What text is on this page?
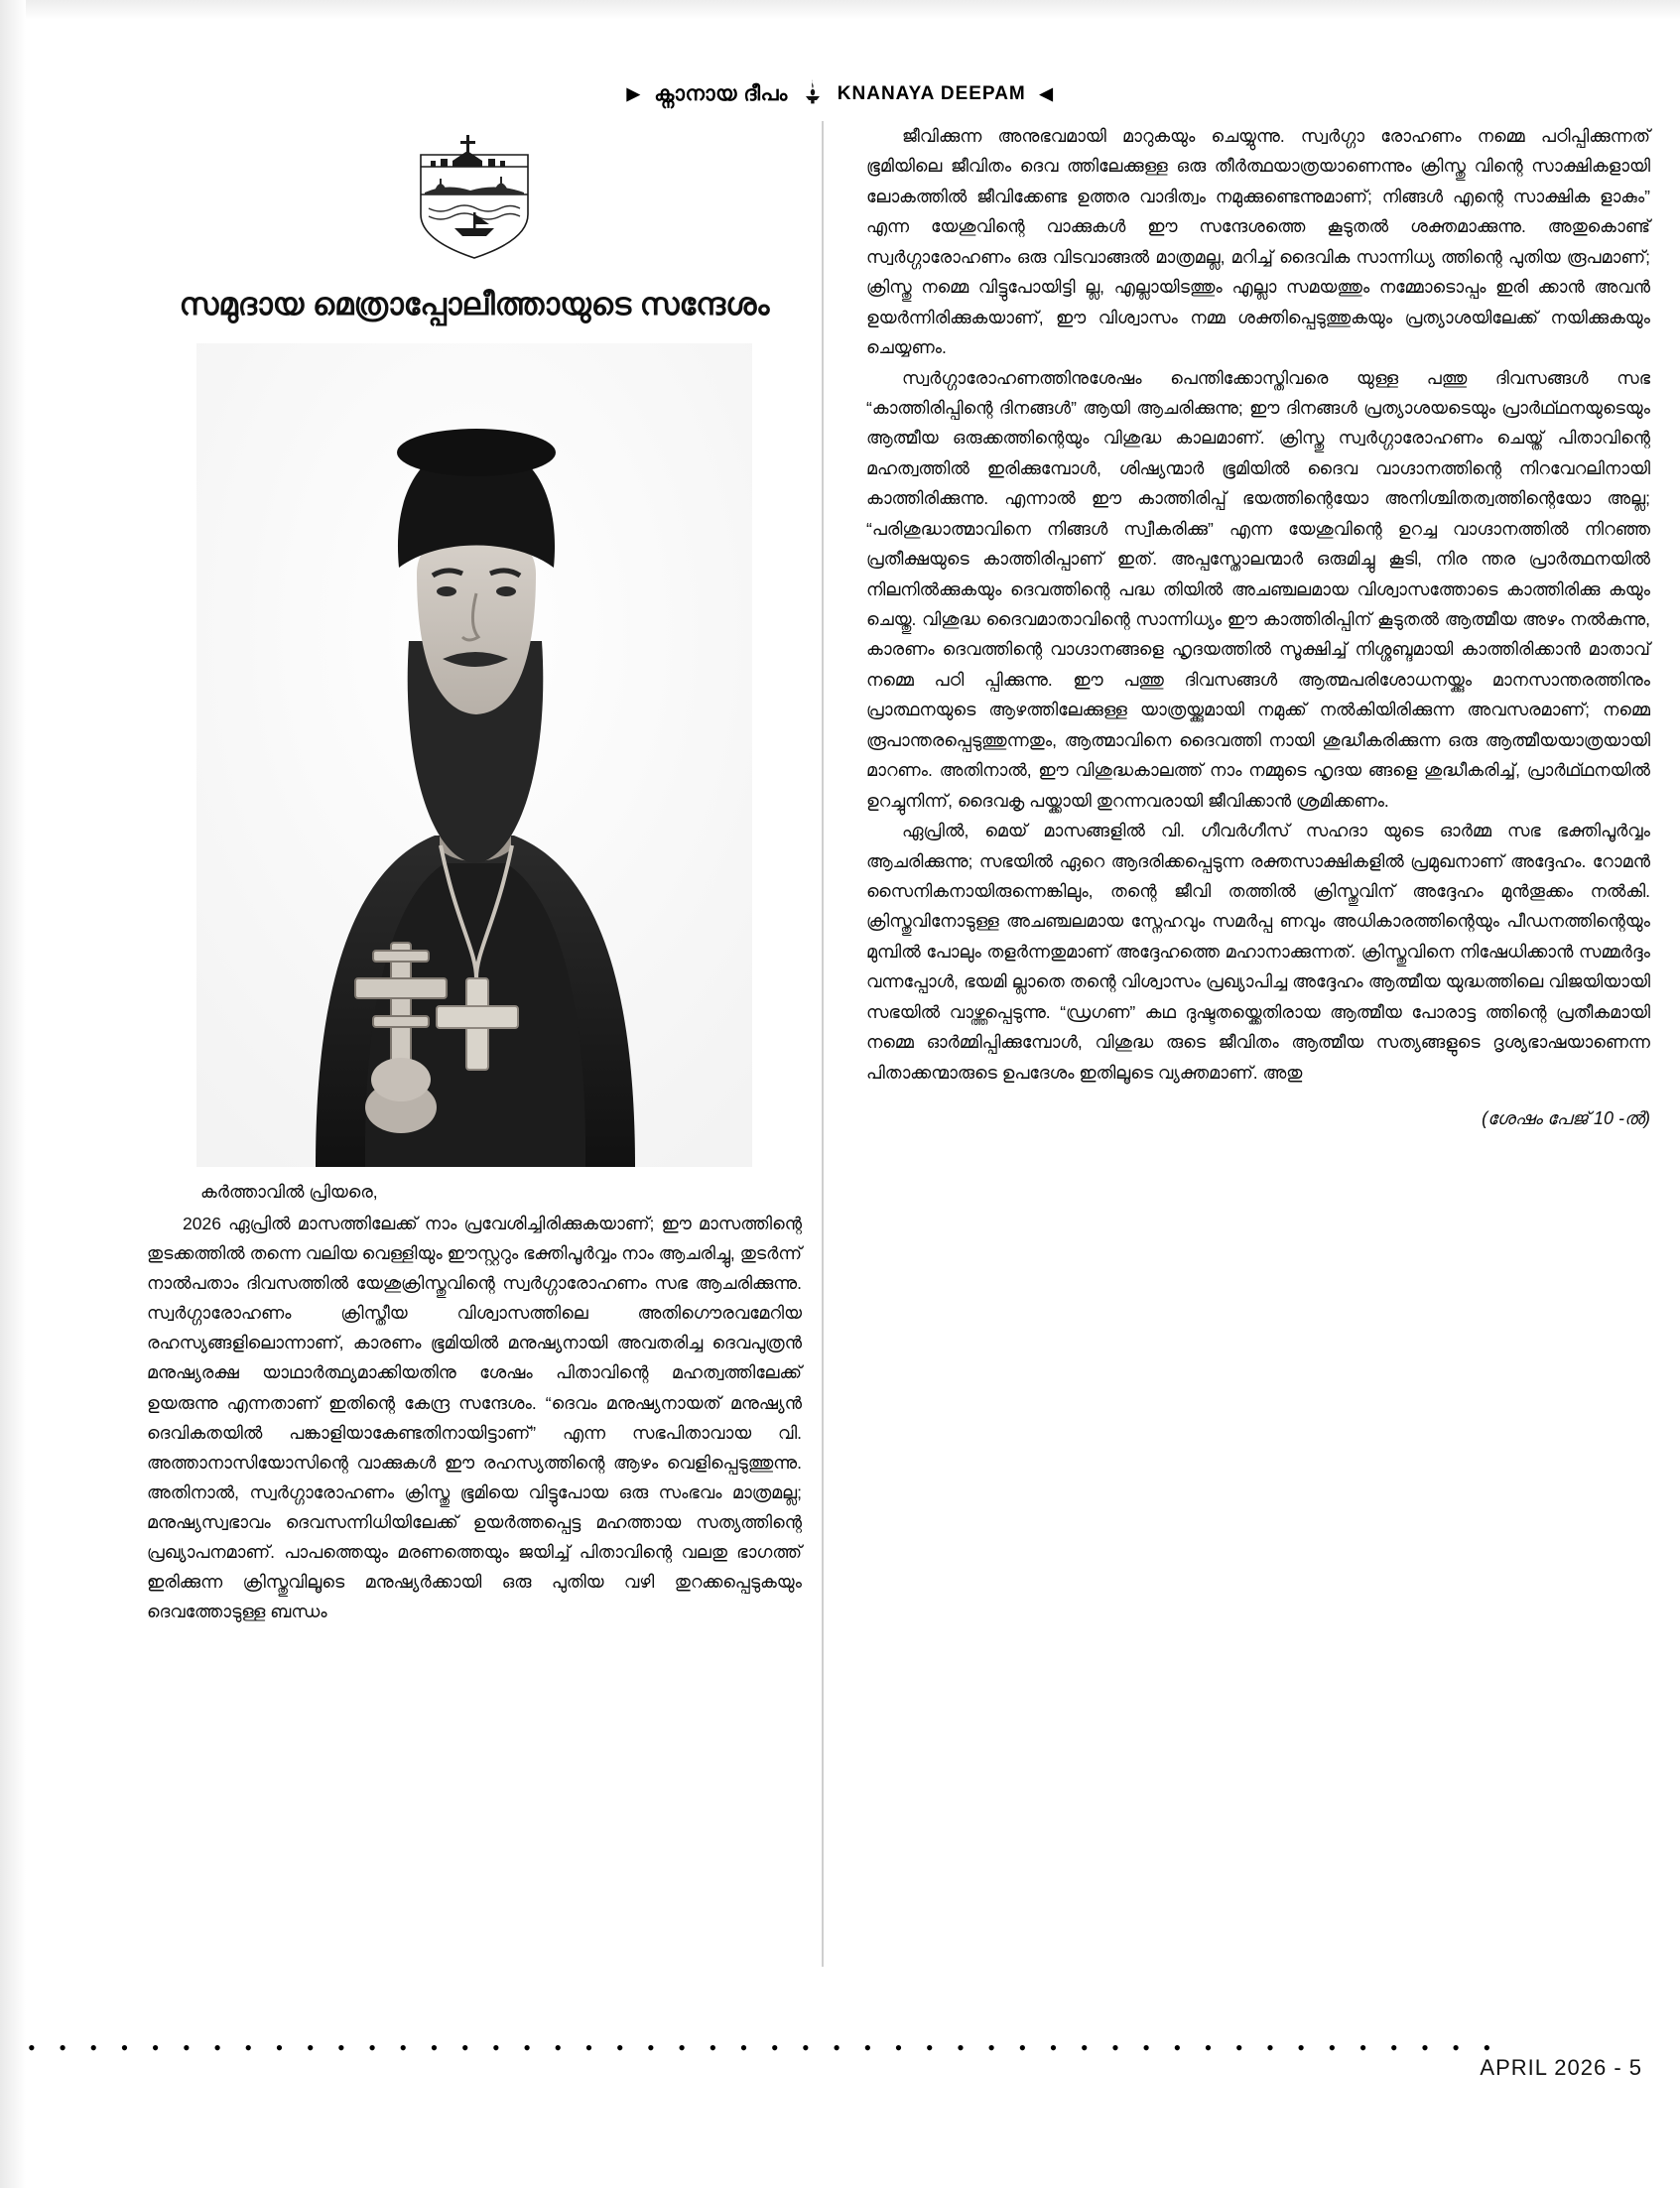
▶ ക്നാനായ ദീപം	KNANAYA DEEPAM ◀
സമുദായ മെത്രാപ്പോലീത്തായുടെ സന്ദേശം

കർത്താവിൽ പ്രിയരെ,

2026 ഏപ്രിൽ മാസത്തിലേക്ക് നാം പ്രവേശിച്ചിരിക്കുകയാണ്; ഈ മാസത്തിന്റെ തുടക്കത്തിൽ തന്നെ വലിയ വെള്ളിയും ഈസ്റ്ററും ഭക്തിപൂർവ്വം നാം ആചരിച്ചു, തുടർന്ന് നാൽപതാം ദിവസത്തിൽ യേശുക്രിസ്തുവിന്റെ സ്വർഗ്ഗാരോഹണം സഭ ആചരിക്കുന്നു. സ്വർഗ്ഗാരോഹണം ക്രിസ്തീയ വിശ്വാസത്തിലെ അതിഗൌരവമേറിയ രഹസ്യങ്ങളിലൊന്നാണ്, കാരണം ഭൂമിയിൽ മനുഷ്യനായി അവതരിച്ച ദെവപുത്രൻ മനുഷ്യരക്ഷ യാഥാർത്ഥ്യമാക്കിയതിനു ശേഷം പിതാവിന്റെ മഹത്വത്തിലേക്ക് ഉയരുന്നു എന്നതാണ് ഇതിന്റെ കേന്ദ്ര സന്ദേശം. “ദെവം മനുഷ്യനായത് മനുഷ്യൻ ദെവികതയിൽ പങ്കാളിയാകേണ്ടതിനായിട്ടാണ്” എന്ന സഭപിതാവായ വി. അത്താനാസിയോസിന്റെ വാക്കുകൾ ഈ രഹസ്യത്തിന്റെ ആഴം വെളിപ്പെടുത്തുന്നു. അതിനാൽ, സ്വർഗ്ഗാരോഹണം ക്രിസ്തു ഭൂമിയെ വിട്ടുപോയ ഒരു സംഭവം മാത്രമല്ല; മനുഷ്യസ്വഭാവം ദെവസന്നിധിയിലേക്ക് ഉയർത്തപ്പെട്ട മഹത്തായ സത്യത്തിന്റെ പ്രഖ്യാപനമാണ്. പാപത്തെയും മരണത്തെയും ജയിച്ച് പിതാവിന്റെ വലതു ഭാഗത്ത് ഇരിക്കുന്ന ക്രിസ്തുവിലൂടെ മനുഷ്യർക്കായി ഒരു പുതിയ വഴി തുറക്കപ്പെടുകയും ദെവത്തോടുള്ള ബന്ധം

ജീവിക്കുന്ന അനുഭവമായി മാറുകയും ചെയ്യുന്നു. സ്വർഗ്ഗാ രോഹണം നമ്മെ പഠിപ്പിക്കുന്നത് ഭൂമിയിലെ ജീവിതം ദെവ ത്തിലേക്കുള്ള ഒരു തീർത്ഥയാത്രയാണെന്നും ക്രിസ്തു വിന്റെ സാക്ഷികളായി ലോകത്തിൽ ജീവിക്കേണ്ട ഉത്തര വാദിത്വം നമുക്കുണ്ടെന്നുമാണ്; നിങ്ങൾ എന്റെ സാക്ഷിക ളാകും” എന്ന യേശുവിന്റെ വാക്കുകൾ ഈ സന്ദേശത്തെ കൂടുതൽ ശക്തമാക്കുന്നു. അതുകൊണ്ട് സ്വർഗ്ഗാരോഹണം ഒരു വിടവാങ്ങൽ മാത്രമല്ല, മറിച്ച് ദൈവിക സാന്നിധ്യ ത്തിന്റെ പുതിയ രൂപമാണ്; ക്രിസ്തു നമ്മെ വിട്ടുപോയിട്ടി ല്ല, എല്ലായിടത്തും എല്ലാ സമയത്തും നമ്മോടൊപ്പം ഇരി ക്കാൻ അവൻ ഉയർന്നിരിക്കുകയാണ്, ഈ വിശ്വാസം നമ്മ ശക്തിപ്പെടുത്തുകയും പ്രത്യാശയിലേക്ക് നയിക്കുകയും ചെയ്യണം.

സ്വർഗ്ഗാരോഹണത്തിനുശേഷം പെന്തിക്കോസ്തിവരെ യുള്ള പത്തു ദിവസങ്ങൾ സഭ “കാത്തിരിപ്പിന്റെ ദിനങ്ങൾ” ആയി ആചരിക്കുന്നു; ഈ ദിനങ്ങൾ പ്രത്യാശയടെയും പ്രാർഥ്ഥനയുടെയും ആത്മീയ ഒരുക്കത്തിന്റെയും വിശുദ്ധ കാലമാണ്. ക്രിസ്തു സ്വർഗ്ഗാരോഹണം ചെയ്ത് പിതാവിന്റെ മഹത്വത്തിൽ ഇരിക്കുമ്പോൾ, ശിഷ്യന്മാർ ഭൂമിയിൽ ദൈവ വാഗ്ദാനത്തിന്റെ നിറവേറലിനായി കാത്തിരിക്കുന്നു. എന്നാൽ ഈ കാത്തിരിപ്പ് ഭയത്തിന്റെയോ അനിശ്ചിതത്വത്തിന്റെയോ അല്ല; “പരിശുദ്ധാത്മാവിനെ നിങ്ങൾ സ്വീകരിക്കു” എന്ന യേശുവിന്റെ ഉറച്ച വാഗ്ദാനത്തിൽ നിറഞ്ഞ പ്രതീക്ഷയുടെ കാത്തിരിപ്പാണ് ഇത്. അപ്പസ്തോലന്മാർ ഒരുമിച്ചു കൂടി, നിര ന്തര പ്രാർത്ഥനയിൽ നിലനിൽക്കുകയും ദെവത്തിന്റെ പദ്ധ തിയിൽ അചഞ്ചലമായ വിശ്വാസത്തോടെ കാത്തിരിക്കു കയും ചെയ്തു. വിശുദ്ധ ദൈവമാതാവിന്റെ സാന്നിധ്യം ഈ കാത്തിരിപ്പിന് കൂടുതൽ ആത്മീയ അഴം നൽകുന്നു, കാരണം ദെവത്തിന്റെ വാഗ്ദാനങ്ങളെ ഹൃദയത്തിൽ സൂക്ഷിച്ച് നിശ്ശബ്ദമായി കാത്തിരിക്കാൻ മാതാവ് നമ്മെ പഠി പ്പിക്കുന്നു. ഈ പത്തു ദിവസങ്ങൾ ആത്മപരിശോധനയ്ക്കും മാനസാന്തരത്തിനും പ്രാത്ഥനയുടെ ആഴത്തിലേക്കുള്ള യാത്രയ്ക്കുമായി നമുക്ക് നൽകിയിരിക്കുന്ന അവസരമാണ്; നമ്മെ രൂപാന്തരപ്പെടുത്തുന്നതും, ആത്മാവിനെ ദൈവത്തി നായി ശുദ്ധീകരിക്കുന്ന ഒരു ആത്മീയയാത്രയായി മാറണം. അതിനാൽ, ഈ വിശുദ്ധകാലത്ത് നാം നമ്മുടെ ഹൃദയ ങ്ങളെ ശുദ്ധീകരിച്ച്, പ്രാർഥ്ഥനയിൽ ഉറച്ചുനിന്ന്, ദൈവകൃ പയ്ക്കായി തുറന്നവരായി ജീവിക്കാൻ ശ്രമിക്കണം.

ഏപ്രിൽ, മെയ് മാസങ്ങളിൽ വി. ഗീവർഗീസ് സഹദാ യുടെ ഓർമ്മ സഭ ഭക്തിപൂർവ്വം ആചരിക്കുന്നു; സഭയിൽ ഏറെ ആദരിക്കപ്പെടുന്ന രക്തസാക്ഷികളിൽ പ്രമുഖനാണ് അദ്ദേഹം. റോമൻ സൈനികനായിരുന്നെങ്കിലും, തന്റെ ജീവി തത്തിൽ ക്രിസ്തുവിന് അദ്ദേഹം മുൻതൂക്കം നൽകി. ക്രിസ്തുവിനോടുള്ള അചഞ്ചലമായ സ്നേഹവും സമർപ്പ ണവും അധികാരത്തിന്റെയും പീഡനത്തിന്റെയും മുമ്പിൽ പോലും തളർന്നതുമാണ് അദ്ദേഹത്തെ മഹാനാക്കുന്നത്. ക്രിസ്തുവിനെ നിഷേധിക്കാൻ സമ്മർദ്ദം വന്നപ്പോൾ, ഭയമി ല്ലാതെ തന്റെ വിശ്വാസം പ്രഖ്യാപിച്ച അദ്ദേഹം ആത്മീയ യുദ്ധത്തിലെ വിജയിയായി സഭയിൽ വാഴ്ത്തപ്പെടുന്നു. “ഡ്രഗണ” കഥ ദുഷ്ടതയ്ക്കെതിരായ ആത്മീയ പോരാട്ട ത്തിന്റെ പ്രതീകമായി നമ്മെ ഓർമ്മിപ്പിക്കുമ്പോൾ, വിശുദ്ധ രുടെ ജീവിതം ആത്മീയ സത്യങ്ങളുടെ ദൃശ്യഭാഷയാണെന്ന പിതാക്കന്മാരുടെ ഉപദേശം ഇതിലൂടെ വ്യക്തമാണ്. അതു

(ശേഷം പേജ് 10 -ൽ)
• • • • • • • • • • • • • • • • • • • • • • • • • • • • • • • • • • • • • • • • • • • • • • • •
APRIL 2026 - 5
